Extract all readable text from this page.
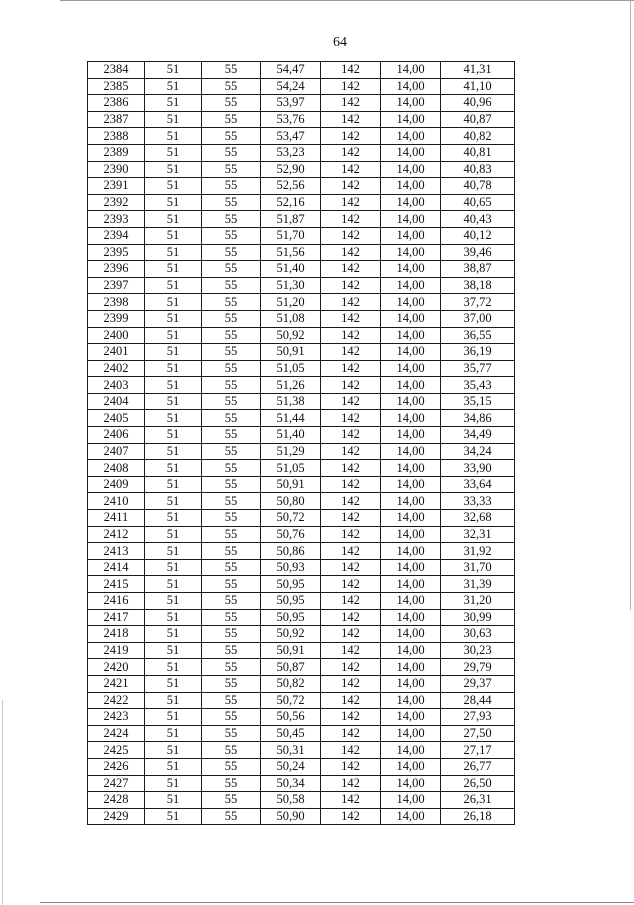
64
2384	51	55	54,47	142	14,00	41,31
2385	51	55	54,24	142	14,00	41,10
2386	51	55	53,97	142	14,00	40,96
2387	51	55	53,76	142	14,00	40,87
2388	51	55	53,47	142	14,00	40,82
2389	51	55	53,23	142	14,00	40,81
2390	51	55	52,90	142	14,00	40,83
2391	51	55	52,56	142	14,00	40,78
2392	51	55	52,16	142	14,00	40,65
2393	51	55	51,87	142	14,00	40,43
2394	51	55	51,70	142	14,00	40,12
2395	51	55	51,56	142	14,00	39,46
2396	51	55	51,40	142	14,00	38,87
2397	51	55	51,30	142	14,00	38,18
2398	51	55	51,20	142	14,00	37,72
2399	51	55	51,08	142	14,00	37,00
2400	51	55	50,92	142	14,00	36,55
2401	51	55	50,91	142	14,00	36,19
2402	51	55	51,05	142	14,00	35,77
2403	51	55	51,26	142	14,00	35,43
2404	51	55	51,38	142	14,00	35,15
2405	51	55	51,44	142	14,00	34,86
2406	51	55	51,40	142	14,00	34,49
2407	51	55	51,29	142	14,00	34,24
2408	51	55	51,05	142	14,00	33,90
2409	51	55	50,91	142	14,00	33,64
2410	51	55	50,80	142	14,00	33,33
2411	51	55	50,72	142	14,00	32,68
2412	51	55	50,76	142	14,00	32,31
2413	51	55	50,86	142	14,00	31,92
2414	51	55	50,93	142	14,00	31,70
2415	51	55	50,95	142	14,00	31,39
2416	51	55	50,95	142	14,00	31,20
2417	51	55	50,95	142	14,00	30,99
2418	51	55	50,92	142	14,00	30,63
2419	51	55	50,91	142	14,00	30,23
2420	51	55	50,87	142	14,00	29,79
2421	51	55	50,82	142	14,00	29,37
2422	51	55	50,72	142	14,00	28,44
2423	51	55	50,56	142	14,00	27,93
2424	51	55	50,45	142	14,00	27,50
2425	51	55	50,31	142	14,00	27,17
2426	51	55	50,24	142	14,00	26,77
2427	51	55	50,34	142	14,00	26,50
2428	51	55	50,58	142	14,00	26,31
2429	51	55	50,90	142	14,00	26,18
